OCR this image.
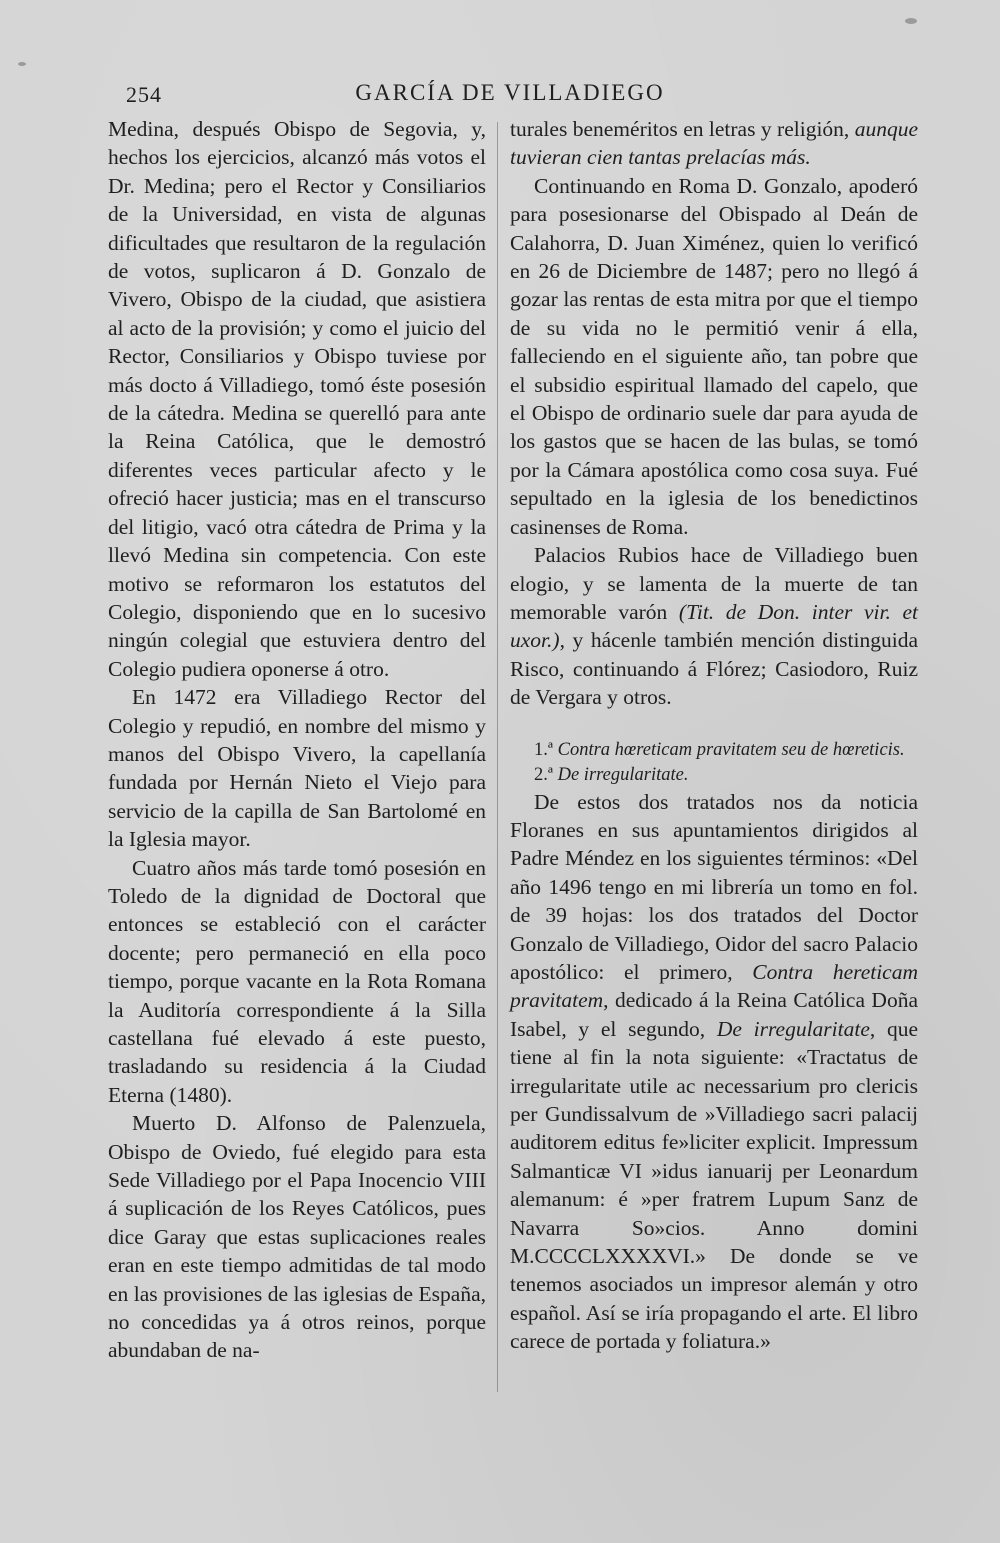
254	GARCÍA DE VILLADIEGO

Medina, después Obispo de Segovia, y, hechos los ejercicios, alcanzó más votos el Dr. Medina; pero el Rector y Consiliarios de la Universidad, en vista de algunas dificultades que resultaron de la regulación de votos, suplicaron á D. Gonzalo de Vivero, Obispo de la ciudad, que asistiera al acto de la provisión; y como el juicio del Rector, Consiliarios y Obispo tuviese por más docto á Villadiego, tomó éste posesión de la cátedra. Medina se querelló para ante la Reina Católica, que le demostró diferentes veces particular afecto y le ofreció hacer justicia; mas en el transcurso del litigio, vacó otra cátedra de Prima y la llevó Medina sin competencia. Con este motivo se reformaron los estatutos del Colegio, disponiendo que en lo sucesivo ningún colegial que estuviera dentro del Colegio pudiera oponerse á otro.

En 1472 era Villadiego Rector del Colegio y repudió, en nombre del mismo y manos del Obispo Vivero, la capellanía fundada por Hernán Nieto el Viejo para servicio de la capilla de San Bartolomé en la Iglesia mayor.

Cuatro años más tarde tomó posesión en Toledo de la dignidad de Doctoral que entonces se estableció con el carácter docente; pero permaneció en ella poco tiempo, porque vacante en la Rota Romana la Auditoría correspondiente á la Silla castellana fué elevado á este puesto, trasladando su residencia á la Ciudad Eterna (1480).

Muerto D. Alfonso de Palenzuela, Obispo de Oviedo, fué elegido para esta Sede Villadiego por el Papa Inocencio VIII á suplicación de los Reyes Católicos, pues dice Garay que estas suplicaciones reales eran en este tiempo admitidas de tal modo en las provisiones de las iglesias de España, no concedidas ya á otros reinos, porque abundaban de na-

turales beneméritos en letras y religión, aunque tuvieran cien tantas prelacías más.

Continuando en Roma D. Gonzalo, apoderó para posesionarse del Obispado al Deán de Calahorra, D. Juan Ximénez, quien lo verificó en 26 de Diciembre de 1487; pero no llegó á gozar las rentas de esta mitra por que el tiempo de su vida no le permitió venir á ella, falleciendo en el siguiente año, tan pobre que el subsidio espiritual llamado del capelo, que el Obispo de ordinario suele dar para ayuda de los gastos que se hacen de las bulas, se tomó por la Cámara apostólica como cosa suya. Fué sepultado en la iglesia de los benedictinos casinenses de Roma.

Palacios Rubios hace de Villadiego buen elogio, y se lamenta de la muerte de tan memorable varón (Tit. de Don. inter vir. et uxor.), y hácenle también mención distinguida Risco, continuando á Flórez; Casiodoro, Ruiz de Vergara y otros.

1.ª Contra hœreticam pravitatem seu de hœreticis.

2.ª De irregularitate.

De estos dos tratados nos da noticia Floranes en sus apuntamientos dirigidos al Padre Méndez en los siguientes términos: «Del año 1496 tengo en mi librería un tomo en fol. de 39 hojas: los dos tratados del Doctor Gonzalo de Villadiego, Oidor del sacro Palacio apostólico: el primero, Contra hereticam pravitatem, dedicado á la Reina Católica Doña Isabel, y el segundo, De irregularitate, que tiene al fin la nota siguiente: «Tractatus de irregularitate utile ac necessarium pro clericis per Gundissalvum de »Villadiego sacri palacij auditorem editus fe»liciter explicit. Impressum Salmanticæ VI »idus ianuarij per Leonardum alemanum: é »per fratrem Lupum Sanz de Navarra So»cios. Anno domini M.CCCCLXXXXVI.» De donde se ve tenemos asociados un impresor alemán y otro español. Así se iría propagando el arte. El libro carece de portada y foliatura.»
